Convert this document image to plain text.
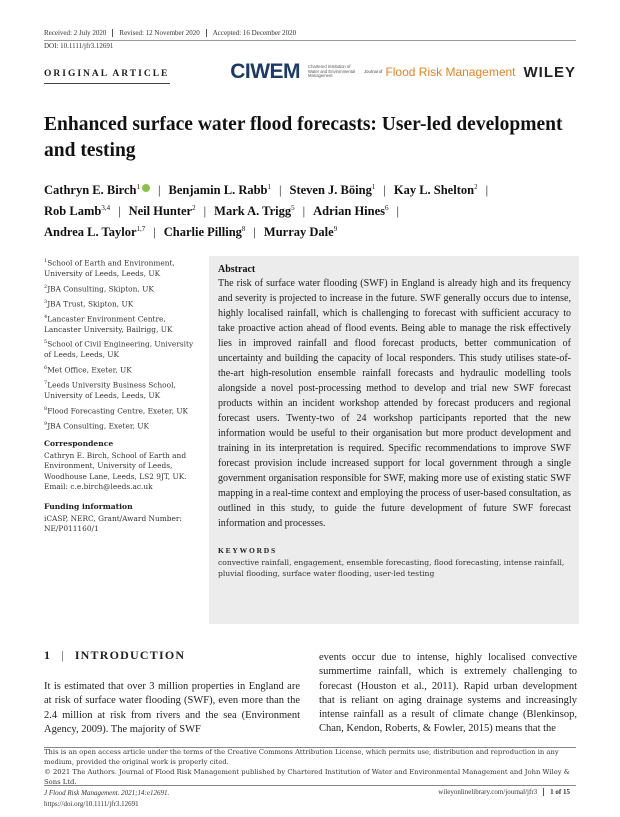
Received: 2 July 2020	Revised: 12 November 2020	Accepted: 16 December 2020
DOI: 10.1111/jfr3.12691
ORIGINAL ARTICLE	CIWEM Chartered Institution of Water and Environmental Management
Journal of Flood Risk Management WILEY
Enhanced surface water flood forecasts: User-led development and testing
Cathryn E. Birch$^1$ | Benjamin L. Rabb$^1$ | Steven J. Böing$^1$ | Kay L. Shelton$^2$ |
Rob Lamb$^{3,4}$ | Neil Hunter$^2$ | Mark A. Trigg$^5$ | Adrian Hines$^6$ |
Andrea L. Taylor$^{1,7}$ | Charlie Pilling$^8$ | Murray Dale$^9$
$^1$School of Earth and Environment, University of Leeds, Leeds, UK
$^2$JBA Consulting, Skipton, UK
$^3$JBA Trust, Skipton, UK
$^4$Lancaster Environment Centre, Lancaster University, Bailrigg, UK
$^5$School of Civil Engineering, University of Leeds, Leeds, UK
$^6$Met Office, Exeter, UK
$^7$Leeds University Business School, University of Leeds, Leeds, UK
$^8$Flood Forecasting Centre, Exeter, UK
$^9$JBA Consulting, Exeter, UK
Correspondence
Cathryn E. Birch, School of Earth and Environment, University of Leeds, Woodhouse Lane, Leeds, LS2 9JT, UK. Email: c.e.birch@leeds.ac.uk
Funding information
iCASP, NERC, Grant/Award Number: NE/P011160/1
Abstract
The risk of surface water flooding (SWF) in England is already high and its frequency and severity is projected to increase in the future. SWF generally occurs due to intense, highly localised rainfall, which is challenging to forecast with sufficient accuracy to take proactive action ahead of flood events. Being able to manage the risk effectively lies in improved rainfall and flood forecast products, better communication of uncertainty and building the capacity of local responders. This study utilises state-of-the-art high-resolution ensemble rainfall forecasts and hydraulic modelling tools alongside a novel post-processing method to develop and trial new SWF forecast products within an incident workshop attended by forecast producers and regional forecast users. Twenty-two of 24 workshop participants reported that the new information would be useful to their organisation but more product development and training in its interpretation is required. Specific recommendations to improve SWF forecast provision include increased support for local government through a single government organisation responsible for SWF, making more use of existing static SWF mapping in a real-time context and employing the process of user-based consultation, as outlined in this study, to guide the future development of future SWF forecast information and processes.
KEYWORDS
convective rainfall, engagement, ensemble forecasting, flood forecasting, intense rainfall, pluvial flooding, surface water flooding, user-led testing
1 | INTRODUCTION
It is estimated that over 3 million properties in England are at risk of surface water flooding (SWF), even more than the 2.4 million at risk from rivers and the sea (Environment Agency, 2009). The majority of SWF
events occur due to intense, highly localised convective summertime rainfall, which is extremely challenging to forecast (Houston et al., 2011). Rapid urban development that is reliant on aging drainage systems and increasingly intense rainfall as a result of climate change (Blenkinsop, Chan, Kendon, Roberts, & Fowler, 2015) means that the
This is an open access article under the terms of the Creative Commons Attribution License, which permits use, distribution and reproduction in any medium, provided the original work is properly cited.
© 2021 The Authors. Journal of Flood Risk Management published by Chartered Institution of Water and Environmental Management and John Wiley & Sons Ltd.
J Flood Risk Management. 2021;14:e12691.
https://doi.org/10.1111/jfr3.12691
wileyonlinelibrary.com/journal/jfr3	1 of 15
